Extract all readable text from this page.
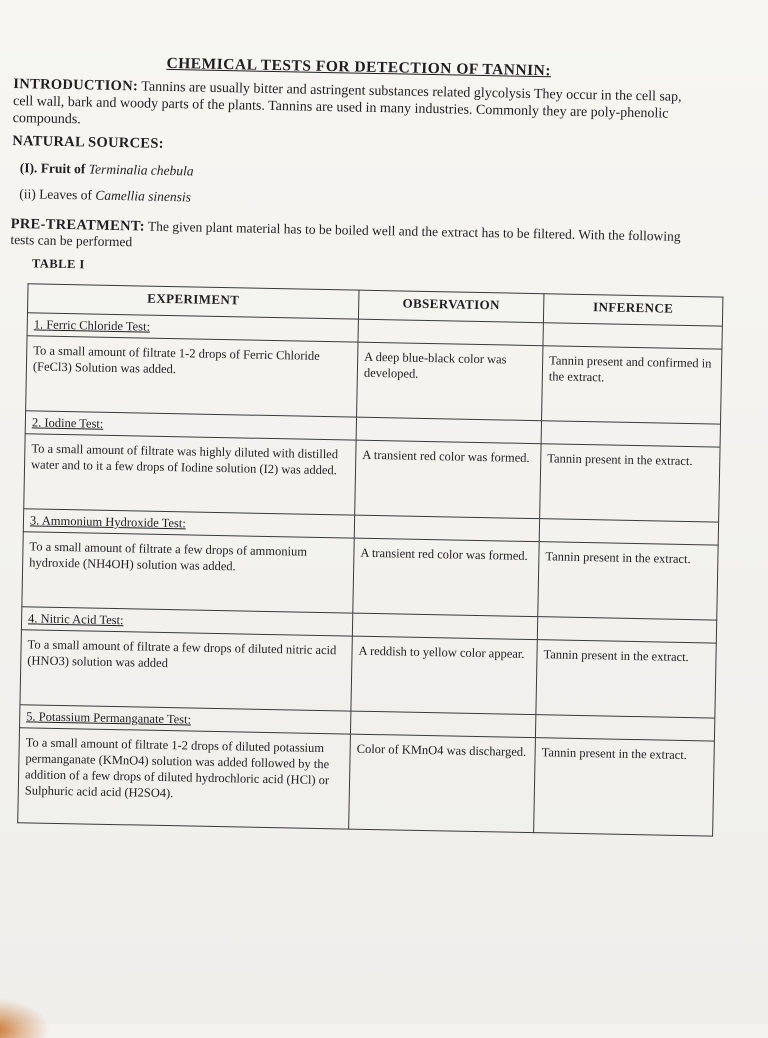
CHEMICAL TESTS FOR DETECTION OF TANNIN:

INTRODUCTION: Tannins are usually bitter and astringent substances related glycolysis They occur in the cell sap, cell wall, bark and woody parts of the plants. Tannins are used in many industries. Commonly they are poly-phenolic compounds.

NATURAL SOURCES:

(I). Fruit of Terminalia chebula

(ii) Leaves of Camellia sinensis

PRE-TREATMENT: The given plant material has to be boiled well and the extract has to be filtered. With the following tests can be performed

TABLE I

EXPERIMENT	OBSERVATION	INFERENCE
1. Ferric Chloride Test:		
To a small amount of filtrate 1-2 drops of Ferric Chloride (FeCl3) Solution was added.	A deep blue-black color was developed.	Tannin present and confirmed in the extract.
2. Iodine Test:		
To a small amount of filtrate was highly diluted with distilled water and to it a few drops of Iodine solution (I2) was added.	A transient red color was formed.	Tannin present in the extract.
3. Ammonium Hydroxide Test:		
To a small amount of filtrate a few drops of ammonium hydroxide (NH4OH) solution was added.	A transient red color was formed.	Tannin present in the extract.
4. Nitric Acid Test:		
To a small amount of filtrate a few drops of diluted nitric acid (HNO3) solution was added	A reddish to yellow color appear.	Tannin present in the extract.
5. Potassium Permanganate Test:		
To a small amount of filtrate 1-2 drops of diluted potassium permanganate (KMnO4) solution was added followed by the addition of a few drops of diluted hydrochloric acid (HCl) or Sulphuric acid acid (H2SO4).	Color of KMnO4 was discharged.	Tannin present in the extract.
